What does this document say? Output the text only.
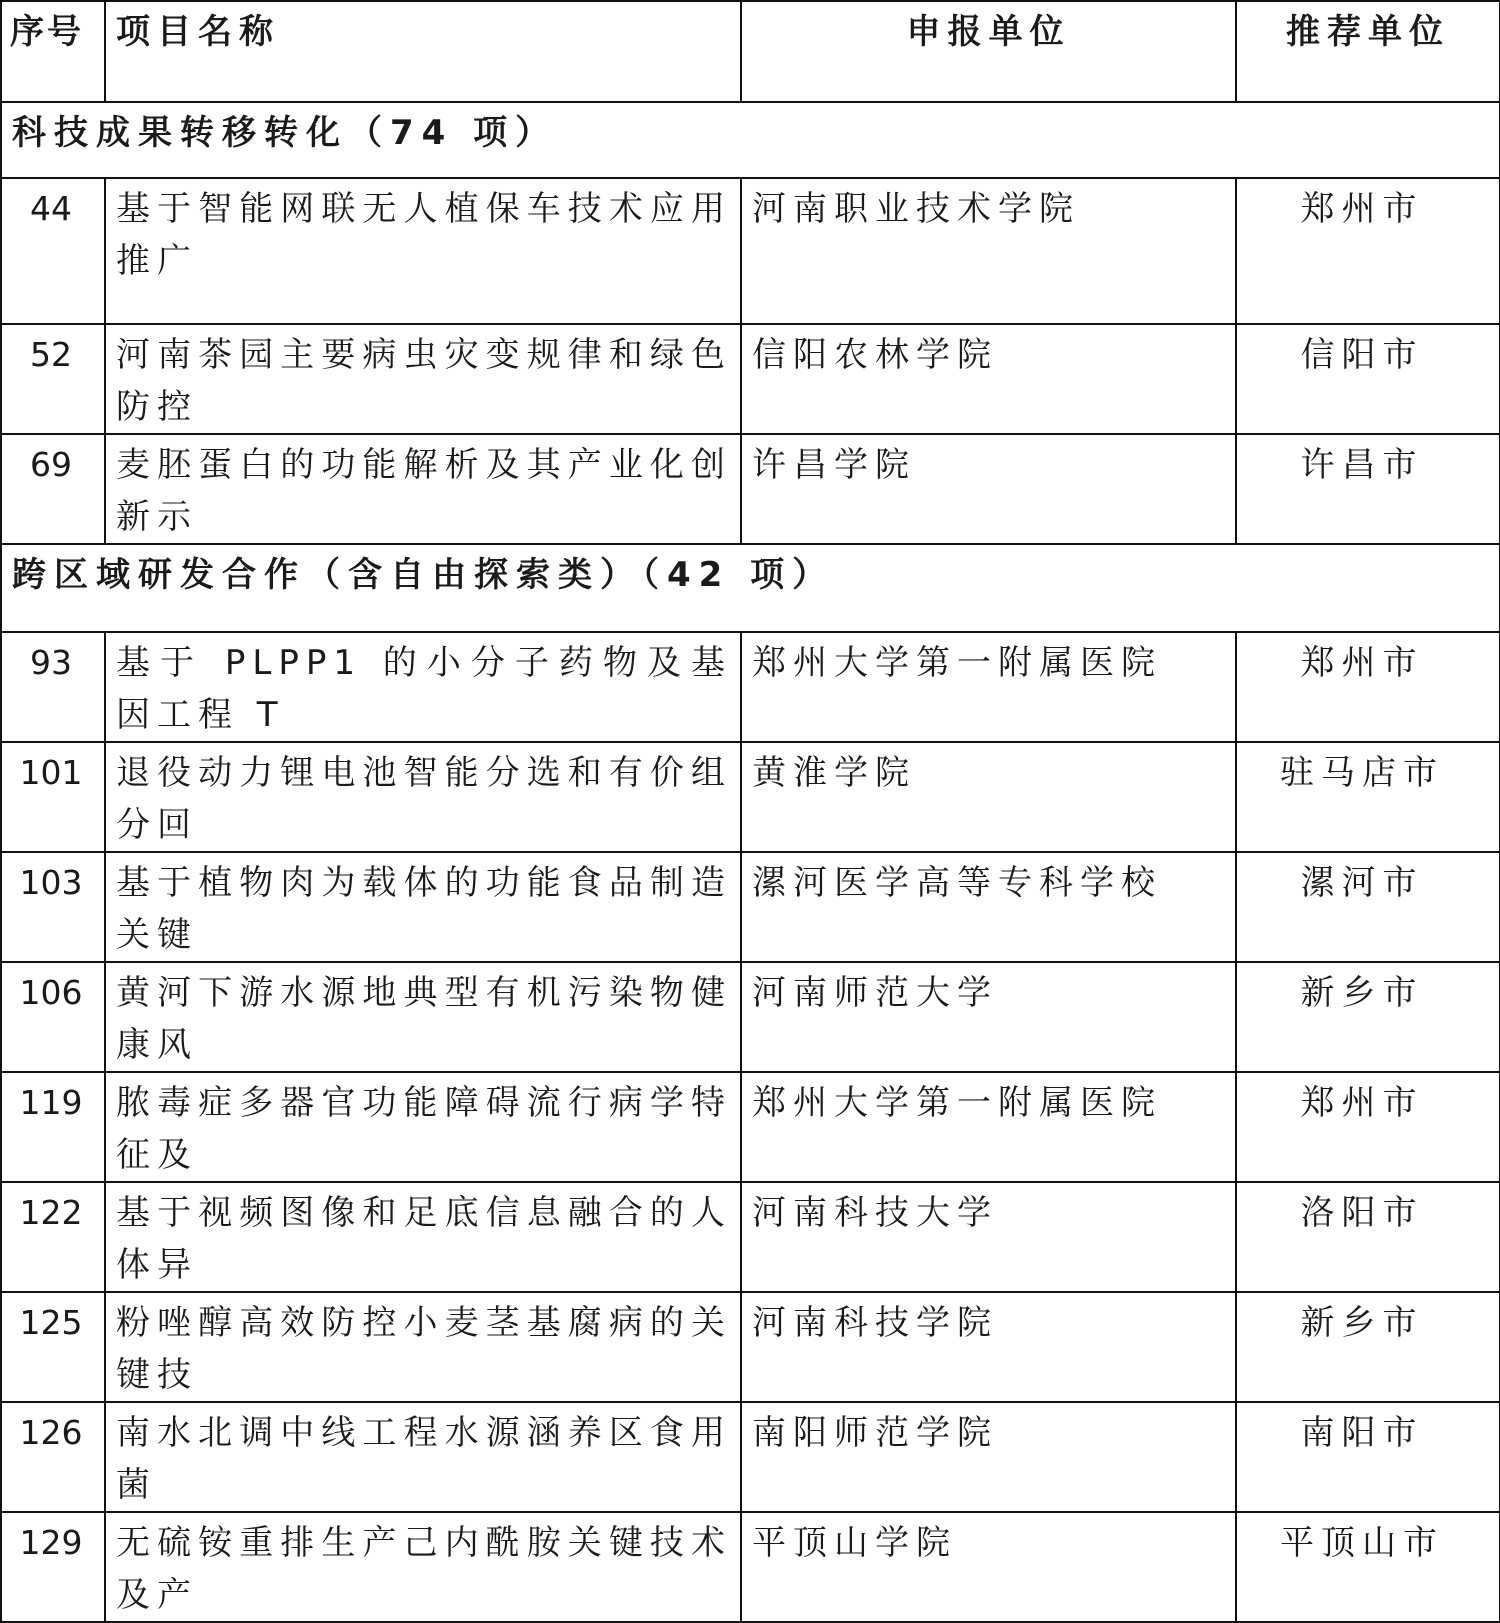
序号	项目名称	申报单位	推荐单位
科技成果转移转化（74 项）			
44	基于智能网联无人植保车技术应用推广	河南职业技术学院	郑州市
52	河南茶园主要病虫灾变规律和绿色防控	信阳农林学院	信阳市
69	麦胚蛋白的功能解析及其产业化创新示	许昌学院	许昌市
跨区域研发合作（含自由探索类）（42 项）			
93	基于 PLPP1 的小分子药物及基因工程 T	郑州大学第一附属医院	郑州市
101	退役动力锂电池智能分选和有价组分回	黄淮学院	驻马店市
103	基于植物肉为载体的功能食品制造关键	漯河医学高等专科学校	漯河市
106	黄河下游水源地典型有机污染物健康风	河南师范大学	新乡市
119	脓毒症多器官功能障碍流行病学特征及	郑州大学第一附属医院	郑州市
122	基于视频图像和足底信息融合的人体异	河南科技大学	洛阳市
125	粉唑醇高效防控小麦茎基腐病的关键技	河南科技学院	新乡市
126	南水北调中线工程水源涵养区食用菌	南阳师范学院	南阳市
129	无硫铵重排生产己内酰胺关键技术及产	平顶山学院	平顶山市
